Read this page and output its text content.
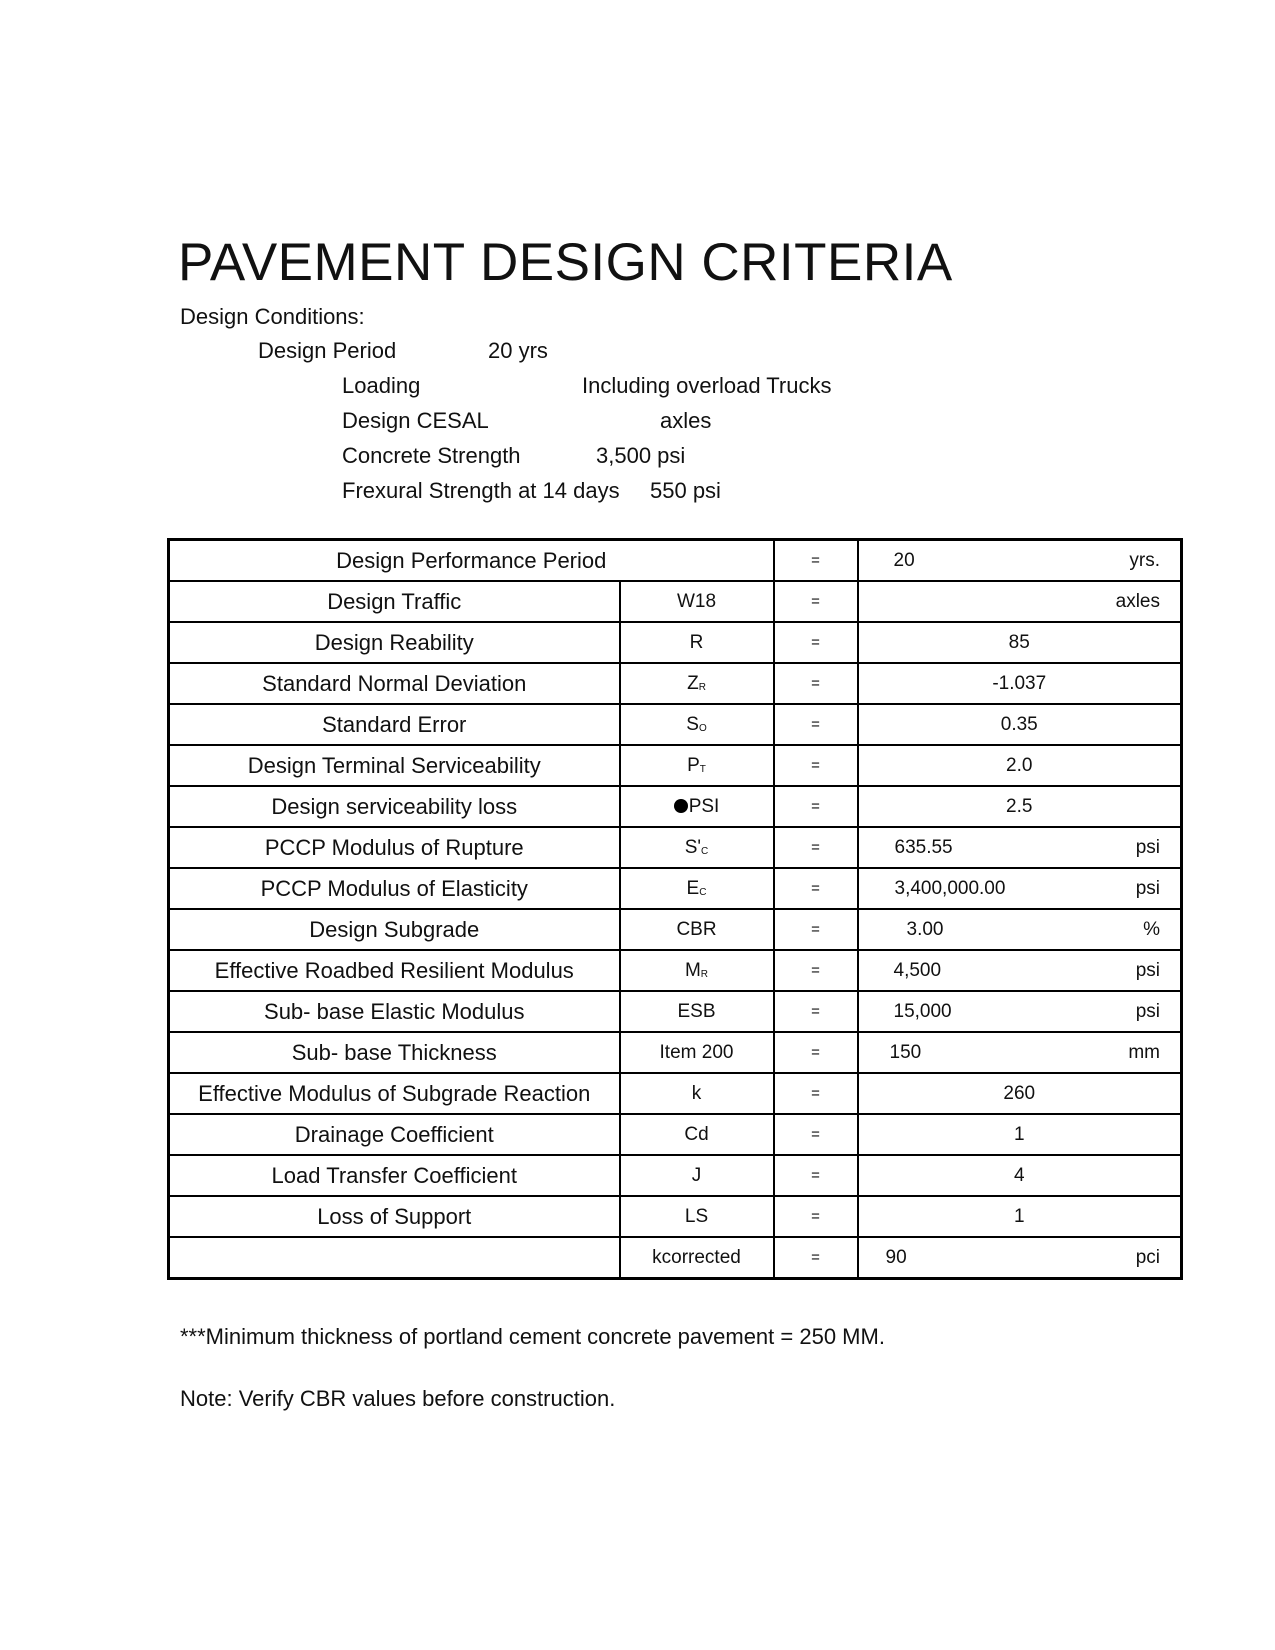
PAVEMENT DESIGN CRITERIA
Design Conditions:
Design Period	20 yrs
Loading	Including overload Trucks
Design CESAL	axles
Concrete Strength	3,500 psi
Frexural Strength at 14 days 550 psi
Design Performance Period		=	20 yrs.

Design Traffic	W18	=	axles

Design Reability	R	=	85

Standard Normal Deviation	$Z_R$	=	-1.037

Standard Error	$S_O$	=	0.35

Design Terminal Serviceability	$P_T$	=	2.0

Design serviceability loss	PSI	=	2.5

PCCP Modulus of Rupture	$S'_C$	=	635.55 psi

PCCP Modulus of Elasticity	$E_C$	=	3,400,000.00 psi

Design Subgrade	CBR	=	3.00 %

Effective Roadbed Resilient Modulus	$M_R$	=	4,500 psi

Sub- base Elastic Modulus	ESB	=	15,000 psi

Sub- base Thickness	Item 200	=	150 mm

Effective Modulus of Subgrade Reaction	k	=	260

Drainage Coefficient	Cd	=	1

Load Transfer Coefficient	J	=	4

Loss of Support	LS	=	1

	kcorrected	=	90 pci
***Minimum thickness of portland cement concrete pavement = 250 MM.
Note: Verify CBR values before construction.
